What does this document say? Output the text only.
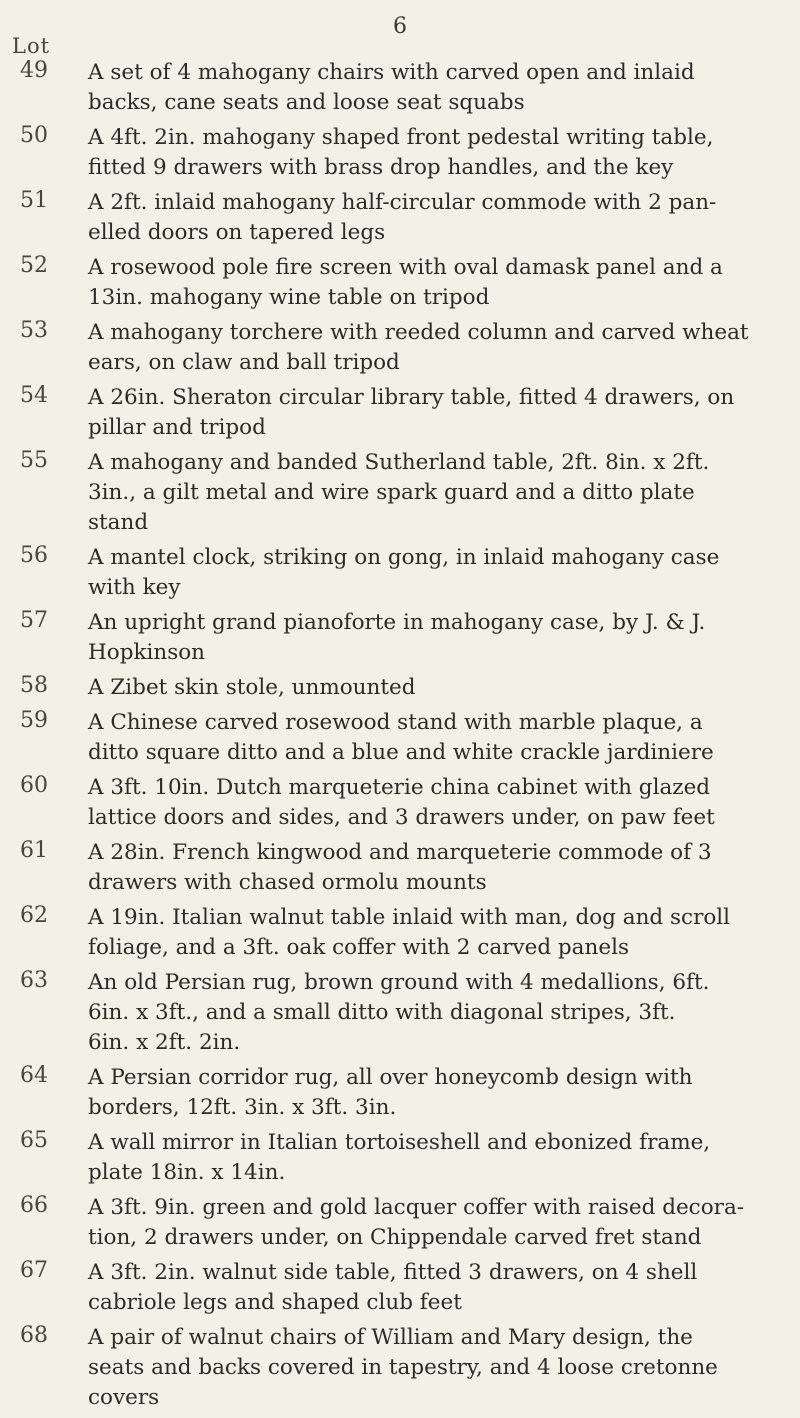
6
Lot
49	A set of 4 mahogany chairs with carved open and inlaid
backs, cane seats and loose seat squabs
50	A 4ft. 2in. mahogany shaped front pedestal writing table,
fitted 9 drawers with brass drop handles, and the key
51	A 2ft. inlaid mahogany half-circular commode with 2 pan-
elled doors on tapered legs
52	A rosewood pole fire screen with oval damask panel and a
13in. mahogany wine table on tripod
53	A mahogany torchere with reeded column and carved wheat
ears, on claw and ball tripod
54	A 26in. Sheraton circular library table, fitted 4 drawers, on
pillar and tripod
55	A mahogany and banded Sutherland table, 2ft. 8in. x 2ft.
3in., a gilt metal and wire spark guard and a ditto plate
stand
56	A mantel clock, striking on gong, in inlaid mahogany case
with key
57	An upright grand pianoforte in mahogany case, by J. & J.
Hopkinson
58	A Zibet skin stole, unmounted
59	A Chinese carved rosewood stand with marble plaque, a
ditto square ditto and a blue and white crackle jardiniere
60	A 3ft. 10in. Dutch marqueterie china cabinet with glazed
lattice doors and sides, and 3 drawers under, on paw feet
61	A 28in. French kingwood and marqueterie commode of 3
drawers with chased ormolu mounts
62	A 19in. Italian walnut table inlaid with man, dog and scroll
foliage, and a 3ft. oak coffer with 2 carved panels
63	An old Persian rug, brown ground with 4 medallions, 6ft.
6in. x 3ft., and a small ditto with diagonal stripes, 3ft.
6in. x 2ft. 2in.
64	A Persian corridor rug, all over honeycomb design with
borders, 12ft. 3in. x 3ft. 3in.
65	A wall mirror in Italian tortoiseshell and ebonized frame,
plate 18in. x 14in.
66	A 3ft. 9in. green and gold lacquer coffer with raised decora-
tion, 2 drawers under, on Chippendale carved fret stand
67	A 3ft. 2in. walnut side table, fitted 3 drawers, on 4 shell
cabriole legs and shaped club feet
68	A pair of walnut chairs of William and Mary design, the
seats and backs covered in tapestry, and 4 loose cretonne
covers
